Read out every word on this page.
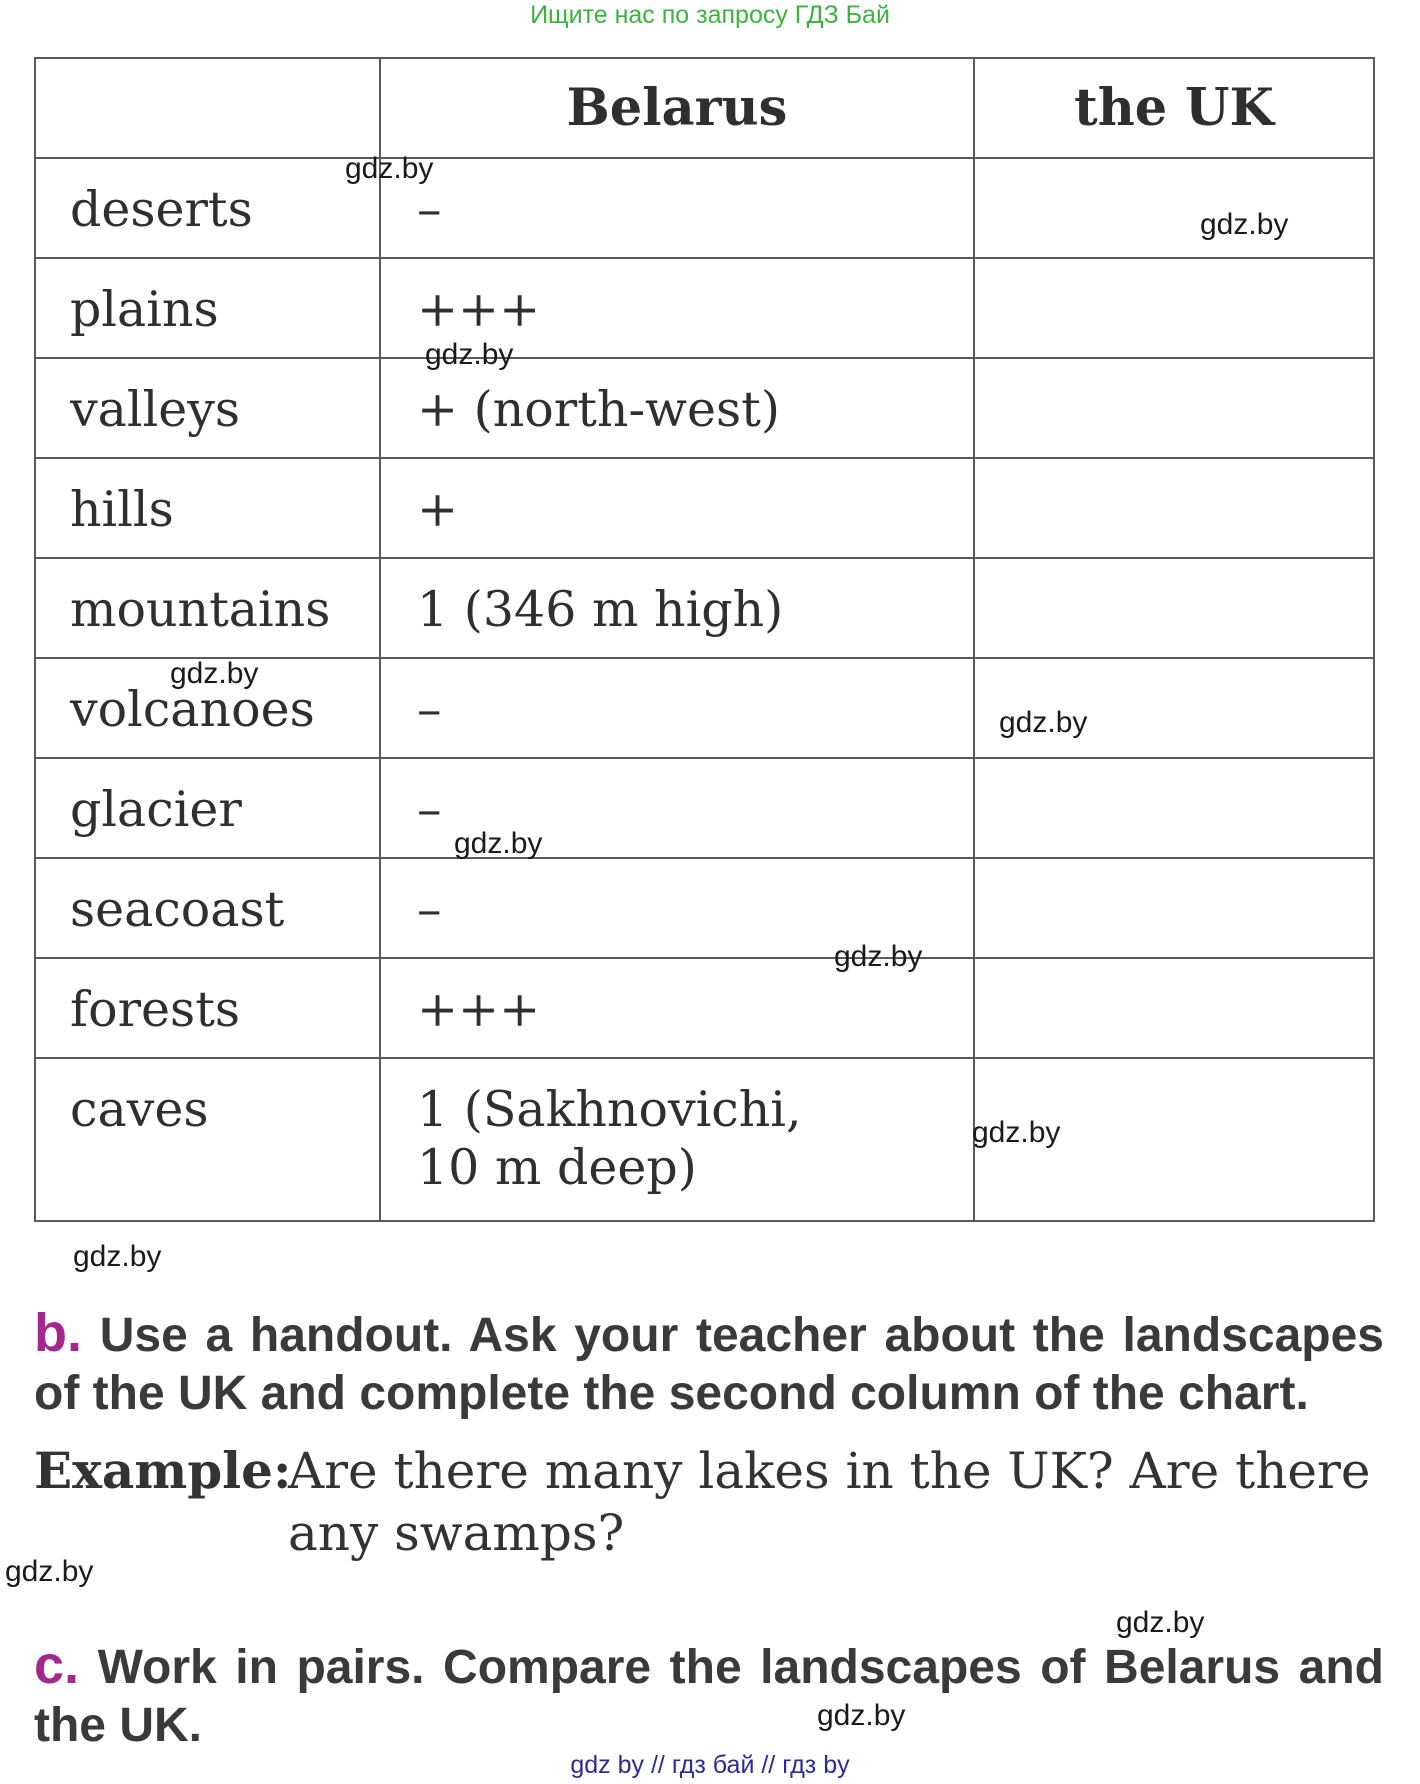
Ищите нас по запросу ГДЗ Бай
	Belarus	the UK

deserts	–	

plains	+++	

valleys	+ (north-west)	

hills	+	

mountains	1 (346 m high)	

volcanoes	–	

glacier	–	

seacoast	–	

forests	+++	

caves	1 (Sakhnovichi,
10 m deep)	

gdz.by
gdz.by
gdz.by
gdz.by
gdz.by
gdz.by
gdz.by
gdz.by
gdz.by
gdz.by
gdz.by
gdz.by
b. Use a handout. Ask your teacher about the landscapes of the UK and complete the second column of the chart.
Example:
Are there many lakes in the UK? Are there any swamps?
c. Work in pairs. Compare the landscapes of Belarus and the UK.
gdz by // гдз бай // гдз by
